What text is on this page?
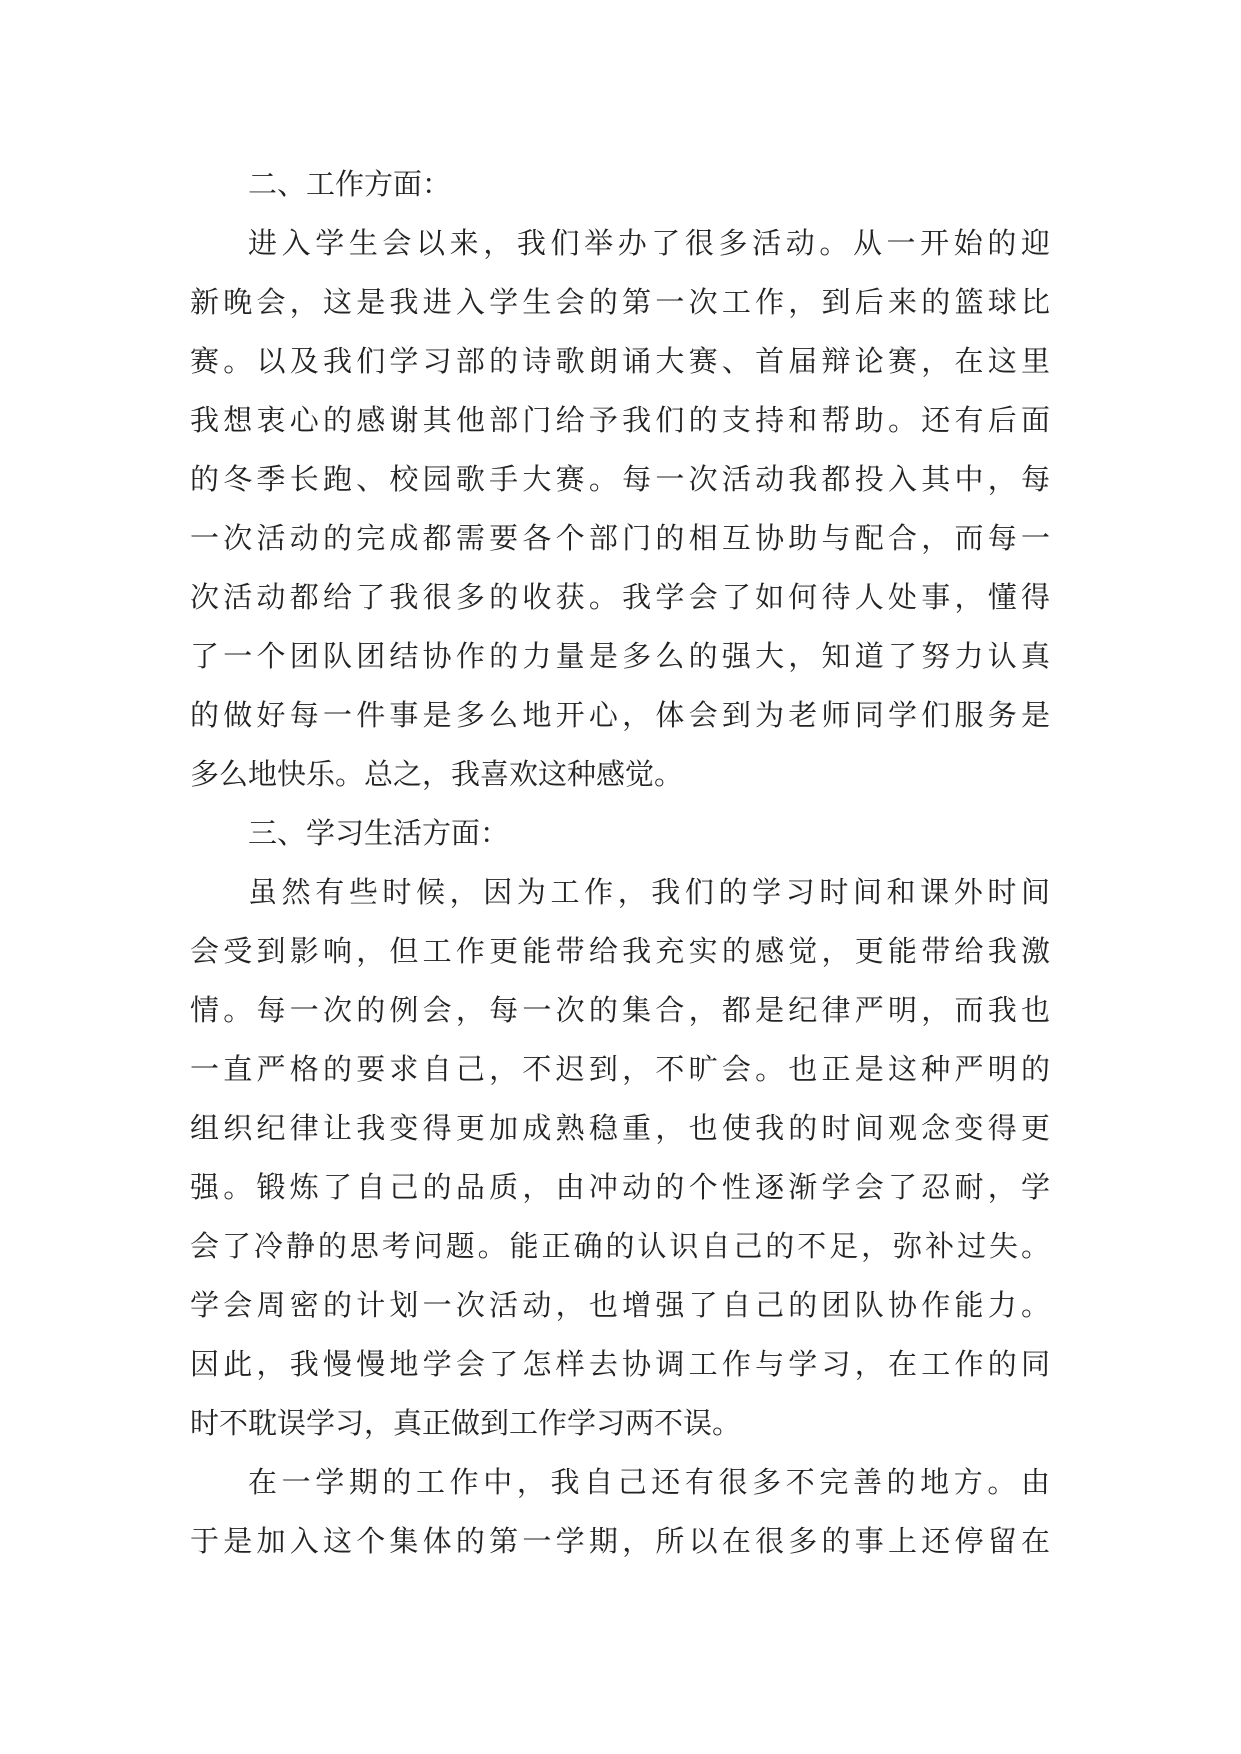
二、工作方面：
进入学生会以来，我们举办了很多活动。从一开始的迎
新晚会，这是我进入学生会的第一次工作，到后来的篮球比
赛。以及我们学习部的诗歌朗诵大赛、首届辩论赛，在这里
我想衷心的感谢其他部门给予我们的支持和帮助。还有后面
的冬季长跑、校园歌手大赛。每一次活动我都投入其中，每
一次活动的完成都需要各个部门的相互协助与配合，而每一
次活动都给了我很多的收获。我学会了如何待人处事，懂得
了一个团队团结协作的力量是多么的强大，知道了努力认真
的做好每一件事是多么地开心，体会到为老师同学们服务是
多么地快乐。总之，我喜欢这种感觉。
三、学习生活方面：
虽然有些时候，因为工作，我们的学习时间和课外时间
会受到影响，但工作更能带给我充实的感觉，更能带给我激
情。每一次的例会，每一次的集合，都是纪律严明，而我也
一直严格的要求自己，不迟到，不旷会。也正是这种严明的
组织纪律让我变得更加成熟稳重，也使我的时间观念变得更
强。锻炼了自己的品质，由冲动的个性逐渐学会了忍耐，学
会了冷静的思考问题。能正确的认识自己的不足，弥补过失。
学会周密的计划一次活动，也增强了自己的团队协作能力。
因此，我慢慢地学会了怎样去协调工作与学习，在工作的同
时不耽误学习，真正做到工作学习两不误。
在一学期的工作中，我自己还有很多不完善的地方。由
于是加入这个集体的第一学期，所以在很多的事上还停留在
